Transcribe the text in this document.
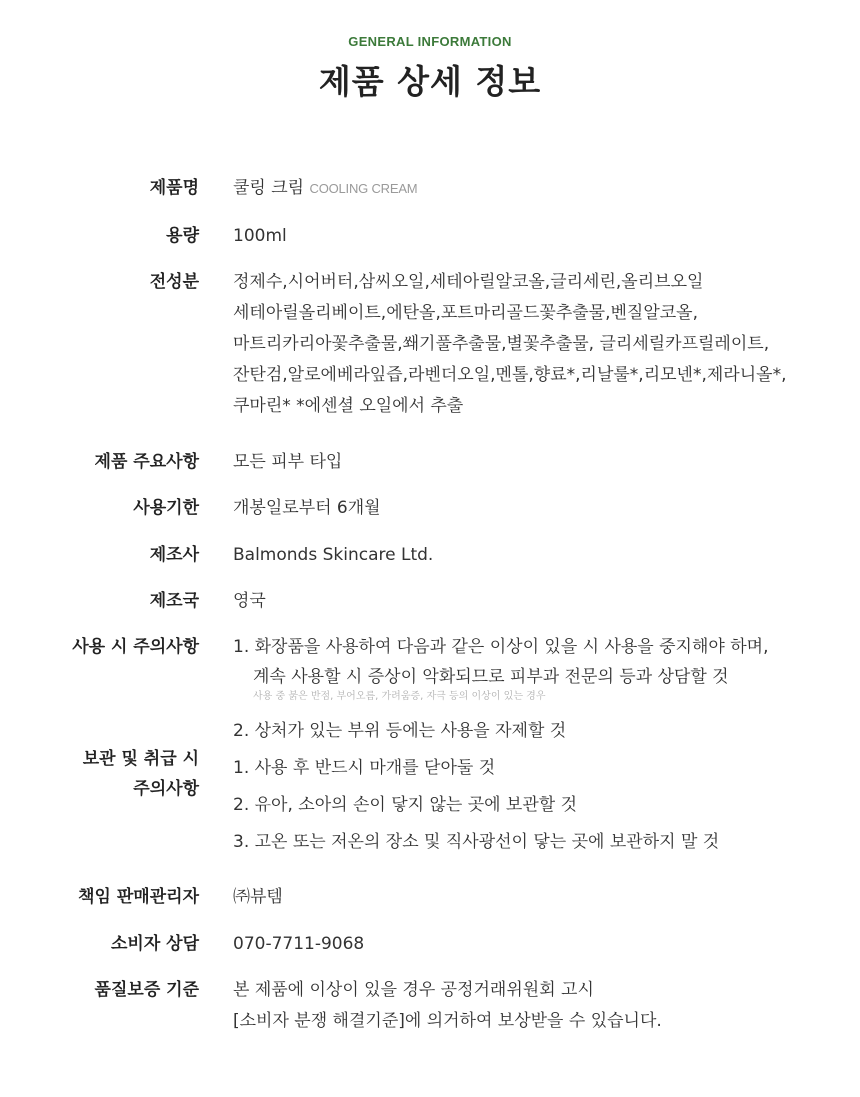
GENERAL INFORMATION
제품 상세 정보
제품명 쿨링 크림 COOLING CREAM
용량 100ml
전성분 정제수,시어버터,삼씨오일,세테아릴알코올,글리세린,올리브오일
세테아릴올리베이트,에탄올,포트마리골드꽃추출물,벤질알코올,
마트리카리아꽃추출물,쐐기풀추출물,별꽃추출물, 글리세릴카프릴레이트,
잔탄검,알로에베라잎즙,라벤더오일,멘톨,향료*,리날룰*,리모넨*,제라니올*,
쿠마린* *에센셜 오일에서 추출
제품 주요사항 모든 피부 타입
사용기한 개봉일로부터 6개월
제조사 Balmonds Skincare Ltd.
제조국 영국
사용 시 주의사항 1. 화장품을 사용하여 다음과 같은 이상이 있을 시 사용을 중지해야 하며,
계속 사용할 시 증상이 악화되므로 피부과 전문의 등과 상담할 것
사용 중 붉은 반점, 부어오름, 가려움증, 자극 등의 이상이 있는 경우
2. 상처가 있는 부위 등에는 사용을 자제할 것
보관 및 취급 시
주의사항
1. 사용 후 반드시 마개를 닫아둘 것
2. 유아, 소아의 손이 닿지 않는 곳에 보관할 것
3. 고온 또는 저온의 장소 및 직사광선이 닿는 곳에 보관하지 말 것
책임 판매관리자 ㈜뷰템
소비자 상담 070-7711-9068
품질보증 기준 본 제품에 이상이 있을 경우 공정거래위원회 고시
[소비자 분쟁 해결기준]에 의거하여 보상받을 수 있습니다.
